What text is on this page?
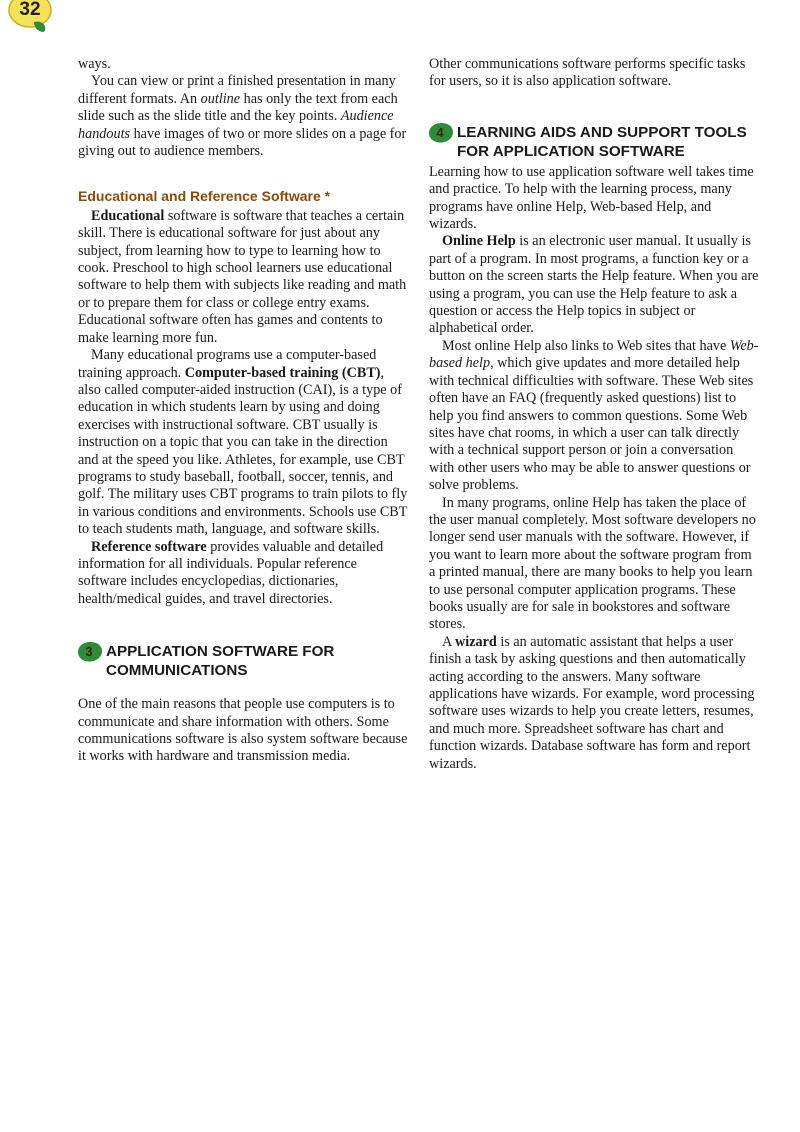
32

ways.

You can view or print a finished presentation in many different formats. An outline has only the text from each slide such as the slide title and the key points. Audience handouts have images of two or more slides on a page for giving out to audience members.

Educational and Reference Software *

Educational software is software that teaches a certain skill. There is educational software for just about any subject, from learning how to type to learning how to cook. Preschool to high school learners use educational software to help them with subjects like reading and math or to prepare them for class or college entry exams. Educational software often has games and contents to make learning more fun.

Many educational programs use a computer-based training approach. Computer-based training (CBT), also called computer-aided instruction (CAI), is a type of education in which students learn by using and doing exercises with instructional software. CBT usually is instruction on a topic that you can take in the direction and at the speed you like. Athletes, for example, use CBT programs to study baseball, football, soccer, tennis, and golf. The military uses CBT programs to train pilots to fly in various conditions and environments. Schools use CBT to teach students math, language, and software skills.

Reference software provides valuable and detailed information for all individuals. Popular reference software includes encyclopedias, dictionaries, health/medical guides, and travel directories.

3 APPLICATION SOFTWARE FOR COMMUNICATIONS

One of the main reasons that people use computers is to communicate and share information with others. Some communications software is also system software because it works with hardware and transmission media.

Other communications software performs specific tasks for users, so it is also application software.

4 LEARNING AIDS AND SUPPORT TOOLS FOR APPLICATION SOFTWARE

Learning how to use application software well takes time and practice. To help with the learning process, many programs have online Help, Web-based Help, and wizards.

Online Help is an electronic user manual. It usually is part of a program. In most programs, a function key or a button on the screen starts the Help feature. When you are using a program, you can use the Help feature to ask a question or access the Help topics in subject or alphabetical order.

Most online Help also links to Web sites that have Web-based help, which give updates and more detailed help with technical difficulties with software. These Web sites often have an FAQ (frequently asked questions) list to help you find answers to common questions. Some Web sites have chat rooms, in which a user can talk directly with a technical support person or join a conversation with other users who may be able to answer questions or solve problems.

In many programs, online Help has taken the place of the user manual completely. Most software developers no longer send user manuals with the software. However, if you want to learn more about the software program from a printed manual, there are many books to help you learn to use personal computer application programs. These books usually are for sale in bookstores and software stores.

A wizard is an automatic assistant that helps a user finish a task by asking questions and then automatically acting according to the answers. Many software applications have wizards. For example, word processing software uses wizards to help you create letters, resumes, and much more. Spreadsheet software has chart and function wizards. Database software has form and report wizards.
